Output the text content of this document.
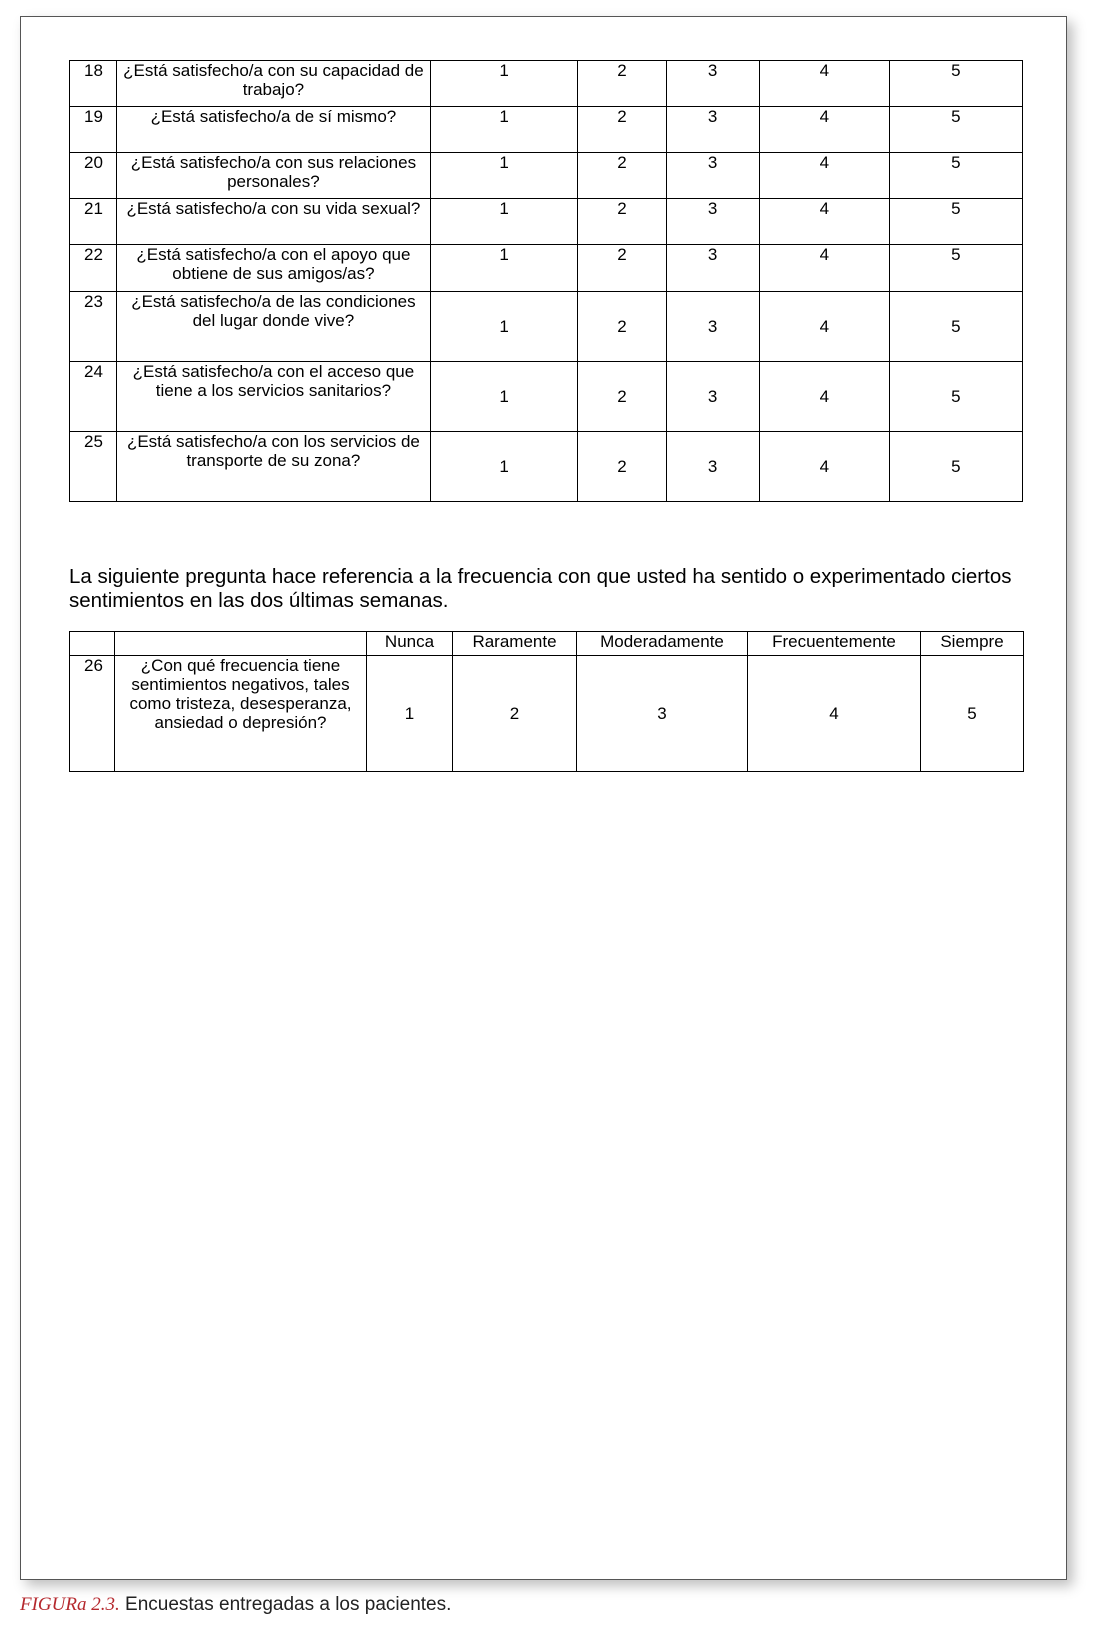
18	¿Está satisfecho/a con su capacidad de trabajo?	1	2	3	4	5
19	¿Está satisfecho/a de sí mismo?	1	2	3	4	5
20	¿Está satisfecho/a con sus relaciones personales?	1	2	3	4	5
21	¿Está satisfecho/a con su vida sexual?	1	2	3	4	5
22	¿Está satisfecho/a con el apoyo que obtiene de sus amigos/as?	1	2	3	4	5
23	¿Está satisfecho/a de las condiciones del lugar donde vive?	1	2	3	4	5
24	¿Está satisfecho/a con el acceso que tiene a los servicios sanitarios?	1	2	3	4	5
25	¿Está satisfecho/a con los servicios de transporte de su zona?	1	2	3	4	5

La siguiente pregunta hace referencia a la frecuencia con que usted ha sentido o experimentado ciertos sentimientos en las dos últimas semanas.

		Nunca	Raramente	Moderadamente	Frecuentemente	Siempre
26	¿Con qué frecuencia tiene sentimientos negativos, tales como tristeza, desesperanza, ansiedad o depresión?	1	2	3	4	5
FIGURa 2.3. Encuestas entregadas a los pacientes.
